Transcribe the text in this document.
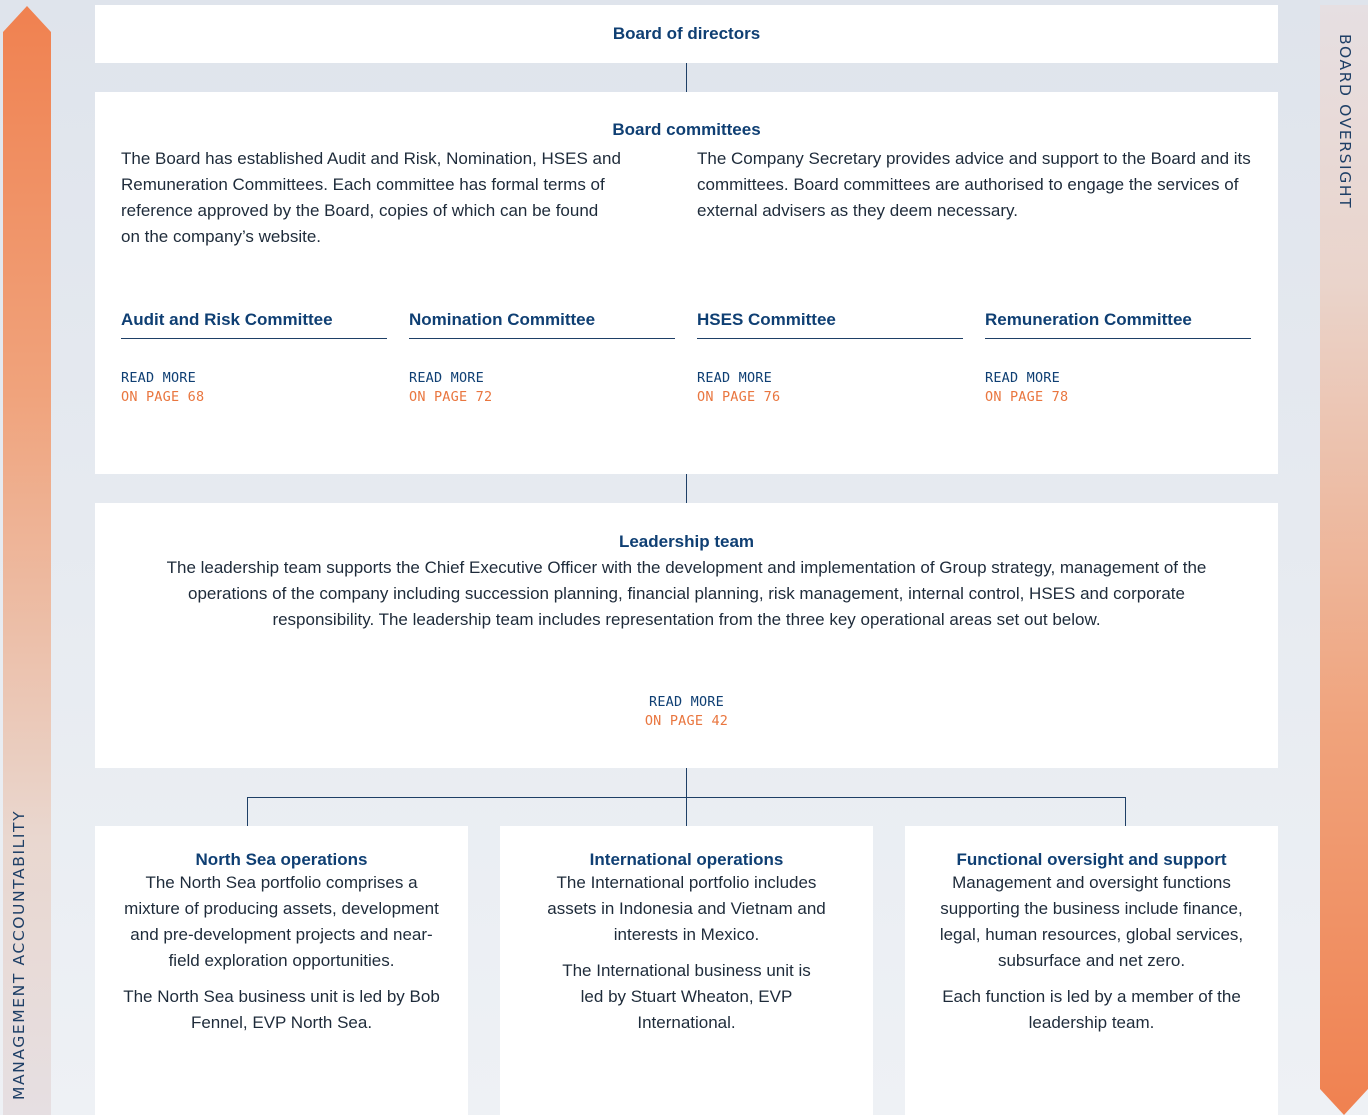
MANAGEMENT ACCOUNTABILITY
BOARD OVERSIGHT
Board of directors
Board committees

The Board has established Audit and Risk, Nomination, HSES and Remuneration Committees. Each committee has formal terms of reference approved by the Board, copies of which can be found on the company’s website.

The Company Secretary provides advice and support to the Board and its committees. Board committees are authorised to engage the services of external advisers as they deem necessary.

Audit and Risk Committee
READ MORE
ON PAGE 68
Nomination Committee
READ MORE
ON PAGE 72
HSES Committee
READ MORE
ON PAGE 76
Remuneration Committee
READ MORE
ON PAGE 78
Leadership team

The leadership team supports the Chief Executive Officer with the development and implementation of Group strategy, management of the operations of the company including succession planning, financial planning, risk management, internal control, HSES and corporate responsibility. The leadership team includes representation from the three key operational areas set out below.

READ MORE
ON PAGE 42
North Sea operations

The North Sea portfolio comprises a mixture of producing assets, development and pre-development projects and near-field exploration opportunities.

The North Sea business unit is led by Bob Fennel, EVP North Sea.

International operations

The International portfolio includes assets in Indonesia and Vietnam and interests in Mexico.

The International business unit is led by Stuart Wheaton, EVP International.

Functional oversight and support

Management and oversight functions supporting the business include finance, legal, human resources, global services, subsurface and net zero.

Each function is led by a member of the leadership team.
